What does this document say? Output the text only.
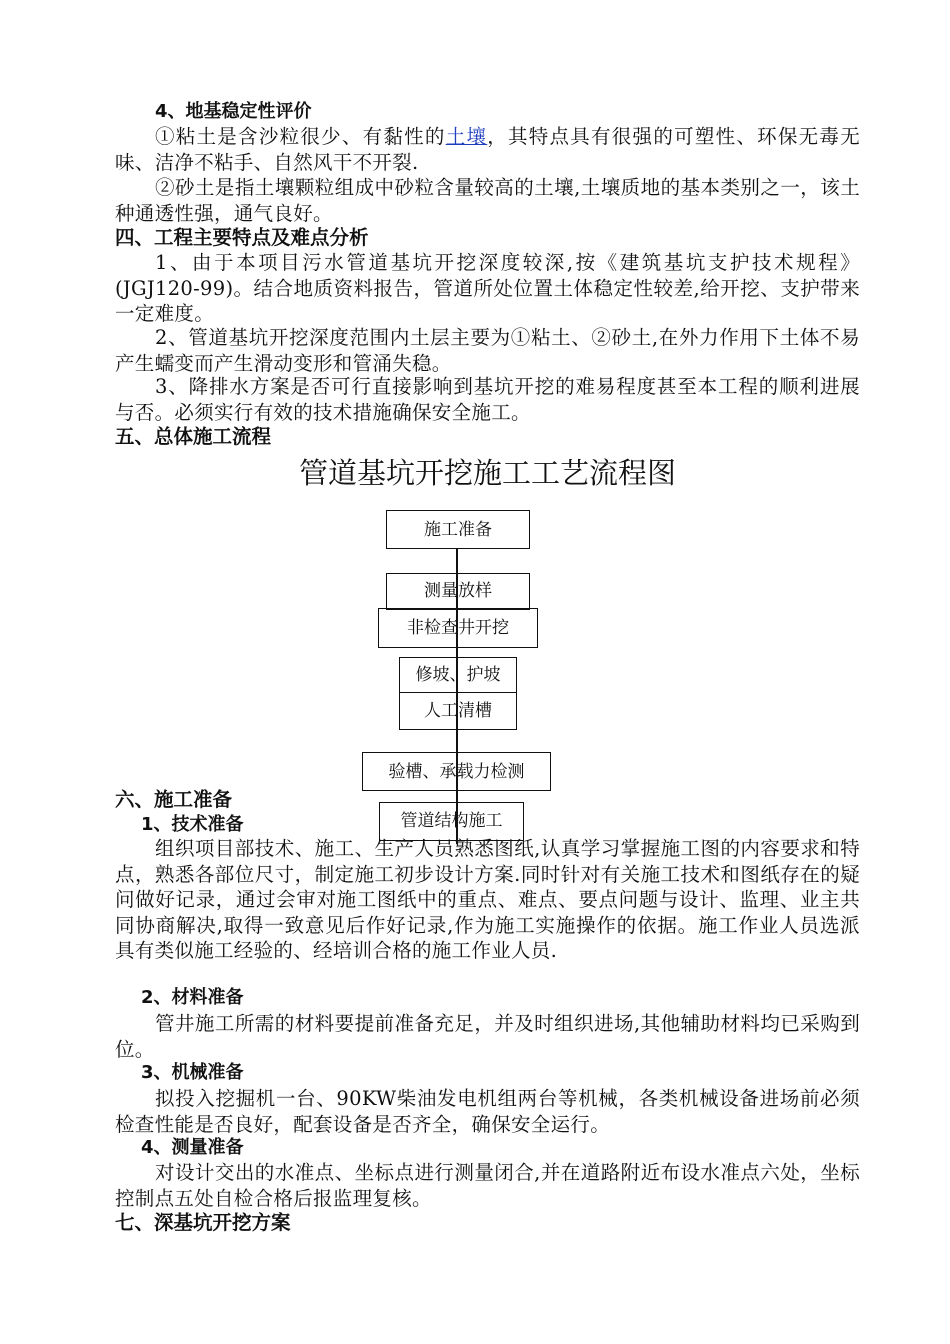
4、地基稳定性评价
①粘土是含沙粒很少、有黏性的土壤，其特点具有很强的可塑性、环保无毒无味、洁净不粘手、自然风干不开裂.
②砂土是指土壤颗粒组成中砂粒含量较高的土壤,土壤质地的基本类别之一，该土种通透性强，通气良好。
四、工程主要特点及难点分析
1、由于本项目污水管道基坑开挖深度较深,按《建筑基坑支护技术规程》(JGJ120-99)。结合地质资料报告，管道所处位置土体稳定性较差,给开挖、支护带来一定难度。
2、管道基坑开挖深度范围内土层主要为①粘土、②砂土,在外力作用下土体不易产生蠕变而产生滑动变形和管涌失稳。
3、降排水方案是否可行直接影响到基坑开挖的难易程度甚至本工程的顺利进展与否。必须实行有效的技术措施确保安全施工。
五、总体施工流程
管道基坑开挖施工工艺流程图
施工准备
测量放样
非检查井开挖
修坡、护坡
人工清槽
验槽、承载力检测
管道结构施工
六、施工准备
1、技术准备
组织项目部技术、施工、生产人员熟悉图纸,认真学习掌握施工图的内容要求和特点，熟悉各部位尺寸，制定施工初步设计方案.同时针对有关施工技术和图纸存在的疑问做好记录，通过会审对施工图纸中的重点、难点、要点问题与设计、监理、业主共同协商解决,取得一致意见后作好记录,作为施工实施操作的依据。施工作业人员选派具有类似施工经验的、经培训合格的施工作业人员.
2、材料准备
管井施工所需的材料要提前准备充足，并及时组织进场,其他辅助材料均已采购到位。
3、机械准备
拟投入挖掘机一台、90KW柴油发电机组两台等机械，各类机械设备进场前必须检查性能是否良好，配套设备是否齐全，确保安全运行。
4、测量准备
对设计交出的水准点、坐标点进行测量闭合,并在道路附近布设水准点六处，坐标控制点五处自检合格后报监理复核。
七、深基坑开挖方案
